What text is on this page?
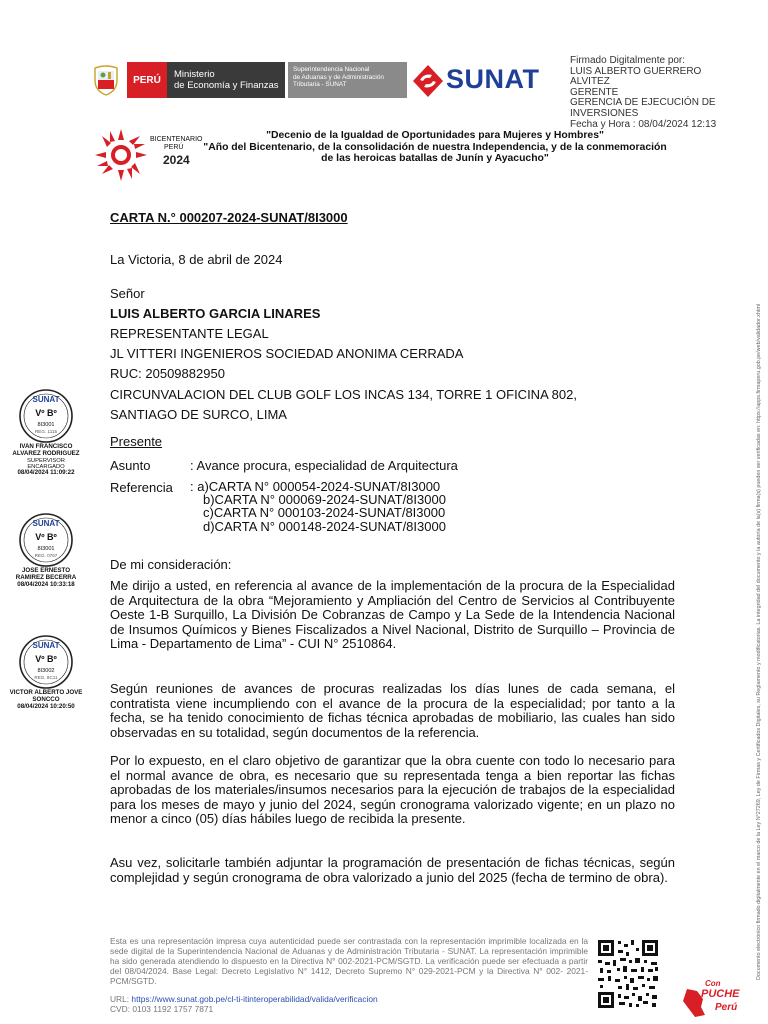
PERÚ	Ministerio
de Economía y Finanzas
Superintendencia Nacional
de Aduanas y de Administración
Tributaria - SUNAT	SUNAT
Firmado Digitalmente por:
LUIS ALBERTO GUERRERO
ALVITEZ
GERENTE
GERENCIA DE EJECUCIÓN DE
INVERSIONES
Fecha y Hora : 08/04/2024 12:13
BICENTENARIO
PERÚ
2024
"Decenio de la Igualdad de Oportunidades para Mujeres y Hombres"
"Año del Bicentenario, de la consolidación de nuestra Independencia, y de la conmemoración
de las heroicas batallas de Junín y Ayacucho"
CARTA N.° 000207-2024-SUNAT/8I3000
La Victoria, 8 de abril de 2024
Señor
LUIS ALBERTO GARCIA LINARES
REPRESENTANTE LEGAL
JL VITTERI INGENIEROS SOCIEDAD ANONIMA CERRADA
RUC: 20509882950
CIRCUNVALACION DEL CLUB GOLF LOS INCAS 134, TORRE 1 OFICINA 802,
SANTIAGO DE SURCO, LIMA
Presente
Asunto	: Avance procura, especialidad de Arquitectura
Referencia : a)CARTA N° 000054-2024-SUNAT/8I3000
b)CARTA N° 000069-2024-SUNAT/8I3000
c)CARTA N° 000103-2024-SUNAT/8I3000
d)CARTA N° 000148-2024-SUNAT/8I3000
De mi consideración:
Me dirijo a usted, en referencia al avance de la implementación de la procura de la Especialidad de Arquitectura de la obra “Mejoramiento y Ampliación del Centro de Servicios al Contribuyente Oeste 1-B Surquillo, La División De Cobranzas de Campo y La Sede de la Intendencia Nacional de Insumos Químicos y Bienes Fiscalizados a Nivel Nacional, Distrito de Surquillo – Provincia de Lima - Departamento de Lima” - CUI N° 2510864.
Según reuniones de avances de procuras realizadas los días lunes de cada semana, el contratista viene incumpliendo con el avance de la procura de la especialidad; por tanto a la fecha, se ha tenido conocimiento de fichas técnica aprobadas de mobiliario, las cuales han sido observadas en su totalidad, según documentos de la referencia.
Por lo expuesto, en el claro objetivo de garantizar que la obra cuente con todo lo necesario para el normal avance de obra, es necesario que su representada tenga a bien reportar las fichas aprobadas de los materiales/insumos necesarios para la ejecución de trabajos de la especialidad para los meses de mayo y junio del 2024, según cronograma valorizado vigente; en un plazo no menor a cinco (05) días hábiles luego de recibida la presente.
Asu vez, solicitarle también adjuntar la programación de presentación de fichas técnicas, según complejidad y según cronograma de obra valorizado a junio del 2025 (fecha de termino de obra).
SUNAT
Vº Bº
8I3001
REG. 1115
IVAN FRANCISCO
ALVAREZ RODRIGUEZ
SUPERVISOR
ENCARGADO
08/04/2024 11:09:22
SUNAT
Vº Bº
8I3001
REG. 0767
JOSE ERNESTO
RAMIREZ BECERRA
08/04/2024 10:33:18
SUNAT
Vº Bº
8I3002
REG. 8C11
VICTOR ALBERTO JOVE
SONCCO
08/04/2024 10:20:50	Documento electrónico firmado digitalmente en el marco de la Ley N°27269, Ley de Firmas y Certificados Digitales, su Reglamento y modificatorias. La integridad del documento y la autoría de la(s) firma(s) pueden ser verificadas en: https://apps.firmaperu.gob.pe/web/validador.xhtml
Esta es una representación impresa cuya autenticidad puede ser contrastada con la representación imprimible localizada en la sede digital de la Superintendencia Nacional de Aduanas y de Administración Tributaria - SUNAT. La representación imprimible ha sido generada atendiendo lo dispuesto en la Directiva N° 002-2021-PCM/SGTD. La verificación puede ser efectuada a partir del 08/04/2024. Base Legal: Decreto Legislativo N° 1412, Decreto Supremo N° 029-2021-PCM y la Directiva N° 002- 2021-PCM/SGTD.
URL: https://www.sunat.gob.pe/cl-ti-itinteroperabilidad/valida/verificacion
CVD: 0103 1192 1757 7871
Con
PUCHE
Perú
